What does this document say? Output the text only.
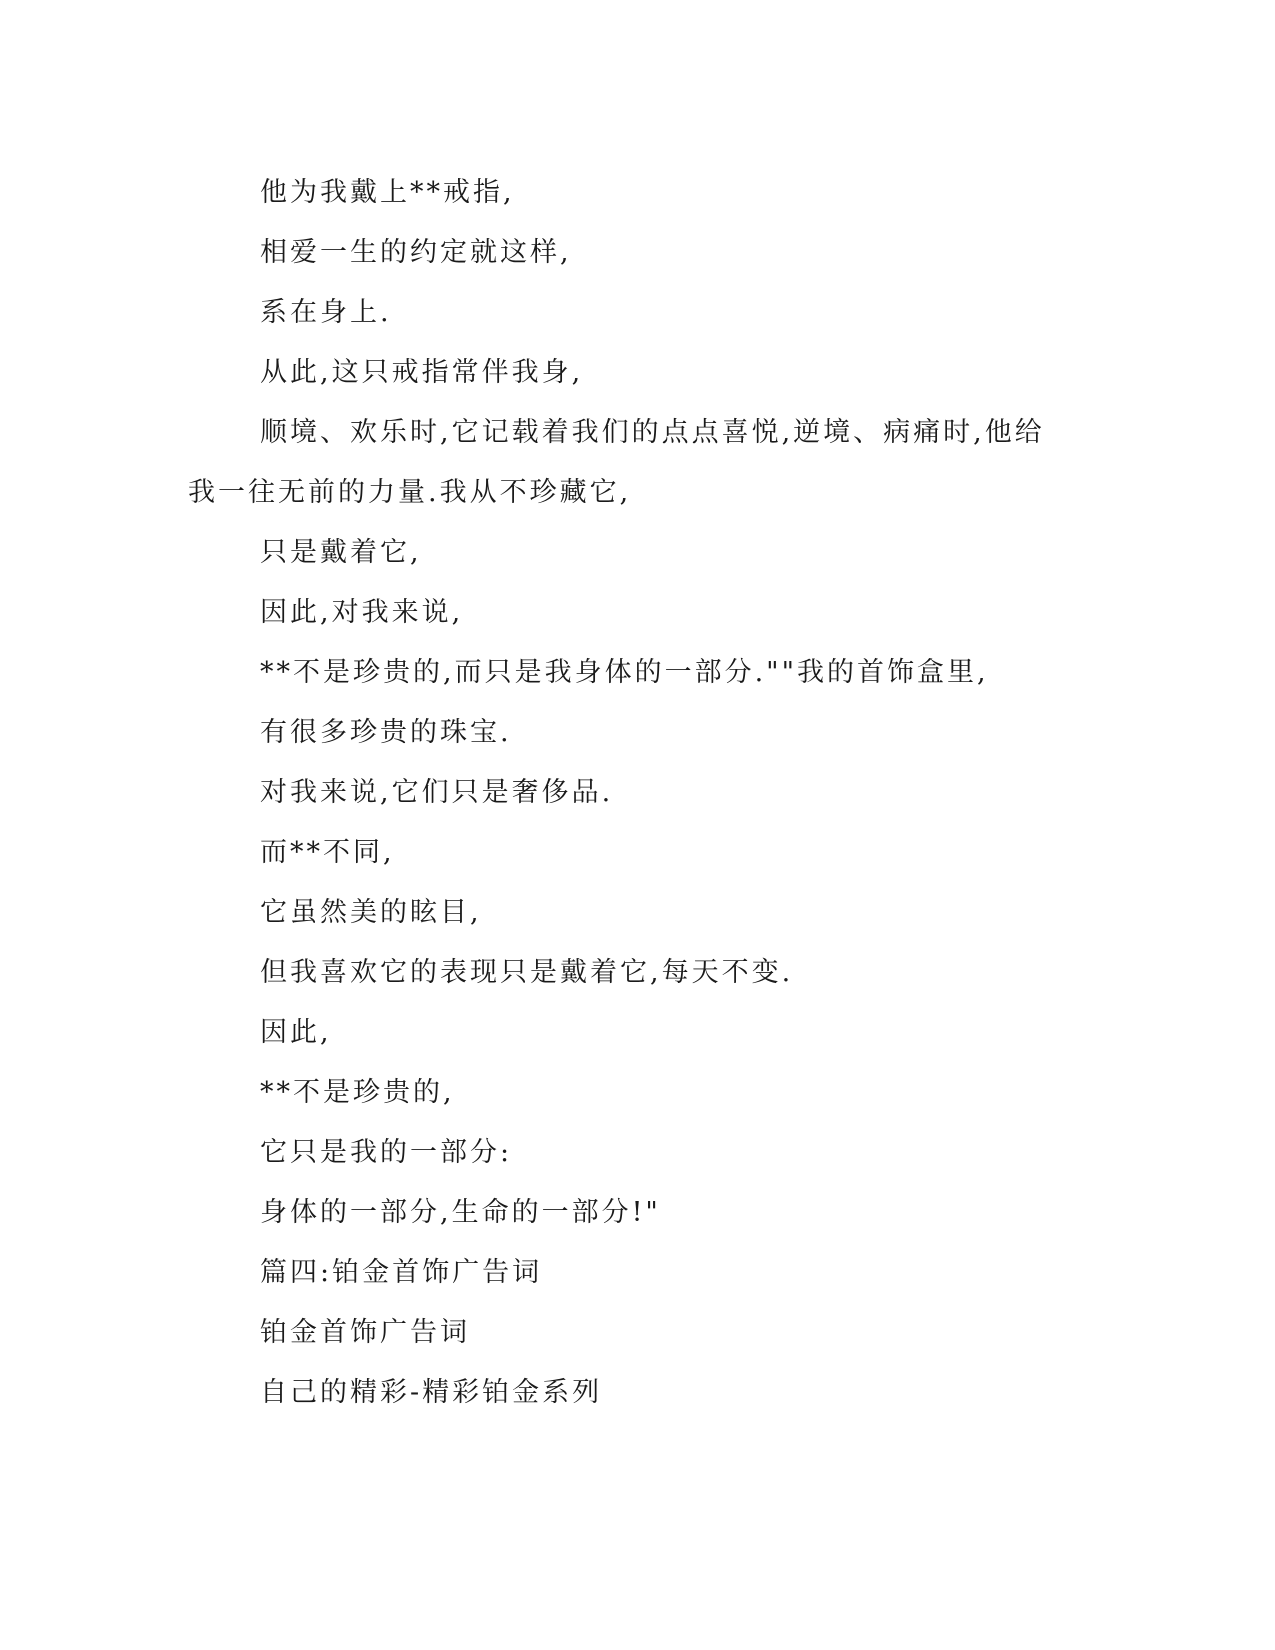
他为我戴上**戒指,
相爱一生的约定就这样,
系在身上.
从此,这只戒指常伴我身,
顺境、欢乐时,它记载着我们的点点喜悦,逆境、病痛时,他给
我一往无前的力量.我从不珍藏它,
只是戴着它,
因此,对我来说,
**不是珍贵的,而只是我身体的一部分.""我的首饰盒里,
有很多珍贵的珠宝.
对我来说,它们只是奢侈品.
而**不同,
它虽然美的眩目,
但我喜欢它的表现只是戴着它,每天不变.
因此,
**不是珍贵的,
它只是我的一部分:
身体的一部分,生命的一部分!"
篇四:铂金首饰广告词
铂金首饰广告词
自己的精彩-精彩铂金系列
